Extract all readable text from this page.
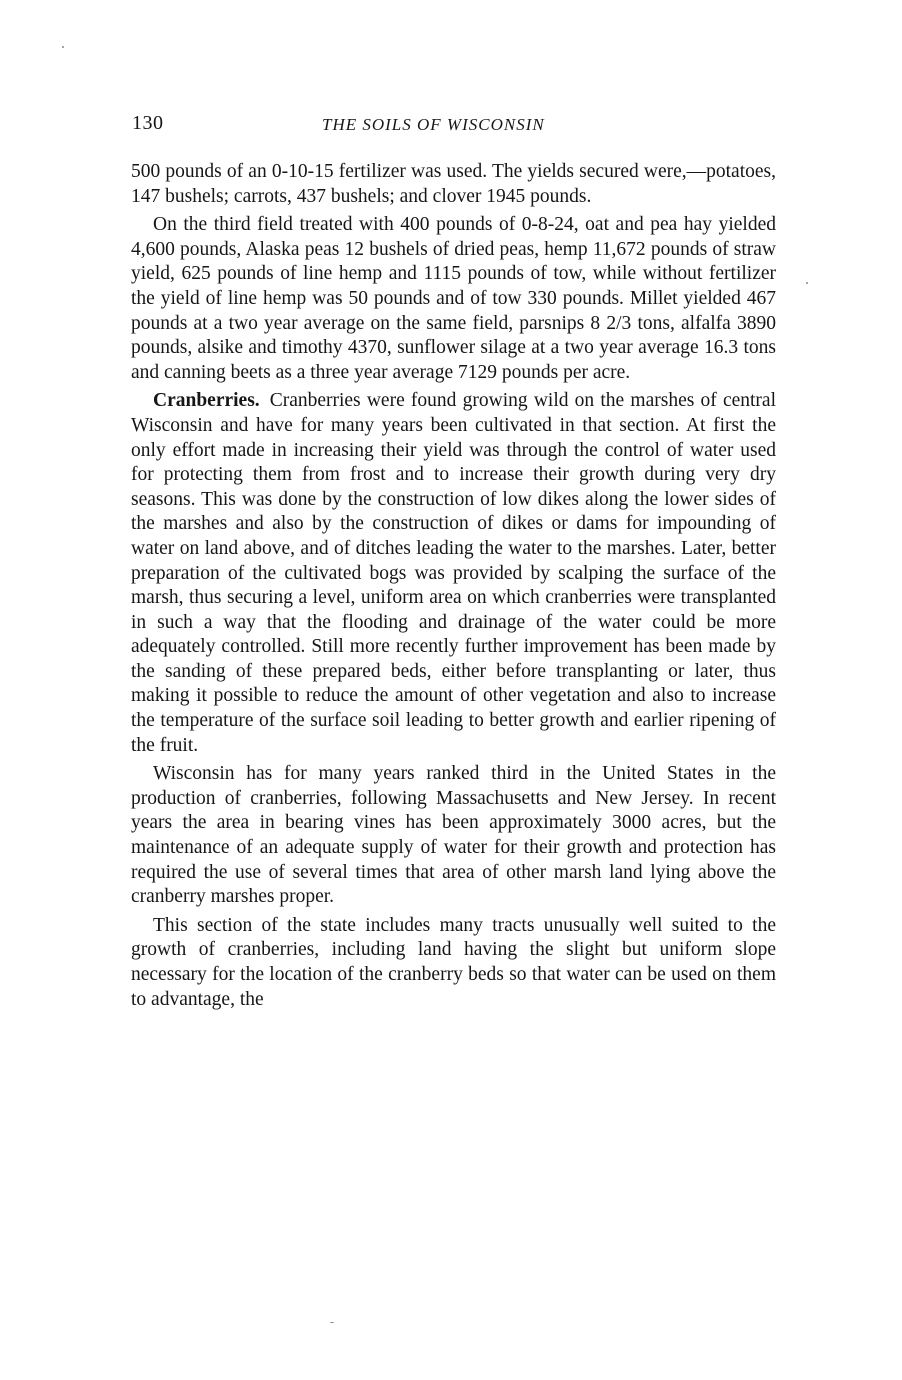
130	THE SOILS OF WISCONSIN

500 pounds of an 0-10-15 fertilizer was used. The yields secured were,—potatoes, 147 bushels; carrots, 437 bushels; and clover 1945 pounds.

On the third field treated with 400 pounds of 0-8-24, oat and pea hay yielded 4,600 pounds, Alaska peas 12 bushels of dried peas, hemp 11,672 pounds of straw yield, 625 pounds of line hemp and 1115 pounds of tow, while without fertilizer the yield of line hemp was 50 pounds and of tow 330 pounds. Millet yielded 467 pounds at a two year average on the same field, parsnips 8 2/3 tons, alfalfa 3890 pounds, alsike and timothy 4370, sunflower silage at a two year average 16.3 tons and canning beets as a three year average 7129 pounds per acre.

Cranberries. Cranberries were found growing wild on the marshes of central Wisconsin and have for many years been cultivated in that section. At first the only effort made in increasing their yield was through the control of water used for protecting them from frost and to increase their growth during very dry seasons. This was done by the construction of low dikes along the lower sides of the marshes and also by the construction of dikes or dams for impounding of water on land above, and of ditches leading the water to the marshes. Later, better preparation of the cultivated bogs was provided by scalping the surface of the marsh, thus securing a level, uniform area on which cranberries were transplanted in such a way that the flooding and drainage of the water could be more adequately controlled. Still more recently further improvement has been made by the sanding of these prepared beds, either before transplanting or later, thus making it possible to reduce the amount of other vegetation and also to increase the temperature of the surface soil leading to better growth and earlier ripening of the fruit.

Wisconsin has for many years ranked third in the United States in the production of cranberries, following Massachusetts and New Jersey. In recent years the area in bearing vines has been approximately 3000 acres, but the maintenance of an adequate supply of water for their growth and protection has required the use of several times that area of other marsh land lying above the cranberry marshes proper.

This section of the state includes many tracts unusually well suited to the growth of cranberries, including land having the slight but uniform slope necessary for the location of the cranberry beds so that water can be used on them to advantage, the
